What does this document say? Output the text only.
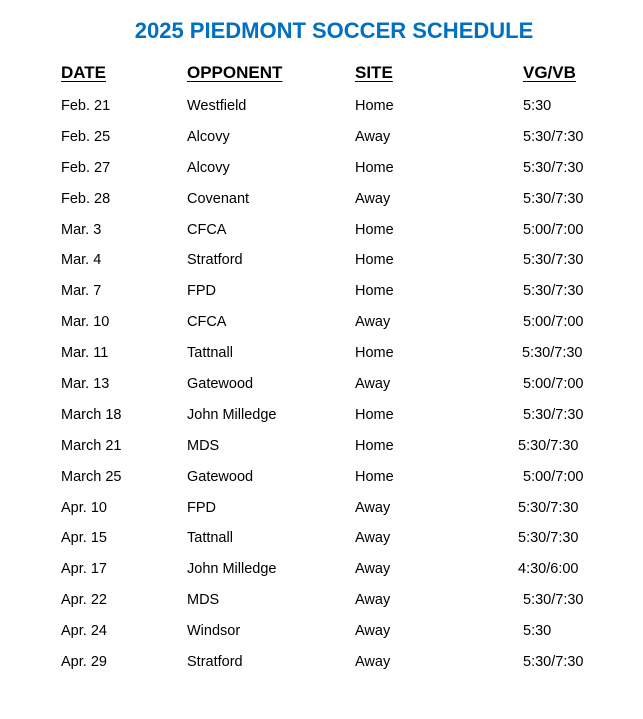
2025 PIEDMONT SOCCER SCHEDULE
DATE	OPPONENT	SITE	VG/VB
Feb. 21	Westfield	Home	5:30
Feb. 25	Alcovy	Away	5:30/7:30
Feb. 27	Alcovy	Home	5:30/7:30
Feb. 28	Covenant	Away	5:30/7:30
Mar. 3	CFCA	Home	5:00/7:00
Mar. 4	Stratford	Home	5:30/7:30
Mar. 7	FPD	Home	5:30/7:30
Mar. 10	CFCA	Away	5:00/7:00
Mar. 11	Tattnall	Home	5:30/7:30
Mar. 13	Gatewood	Away	5:00/7:00
March 18	John Milledge	Home	5:30/7:30
March 21	MDS	Home	5:30/7:30
March 25	Gatewood	Home	5:00/7:00
Apr. 10	FPD	Away	5:30/7:30
Apr. 15	Tattnall	Away	5:30/7:30
Apr. 17	John Milledge	Away	4:30/6:00
Apr. 22	MDS	Away	5:30/7:30
Apr. 24	Windsor	Away	5:30
Apr. 29	Stratford	Away	5:30/7:30
